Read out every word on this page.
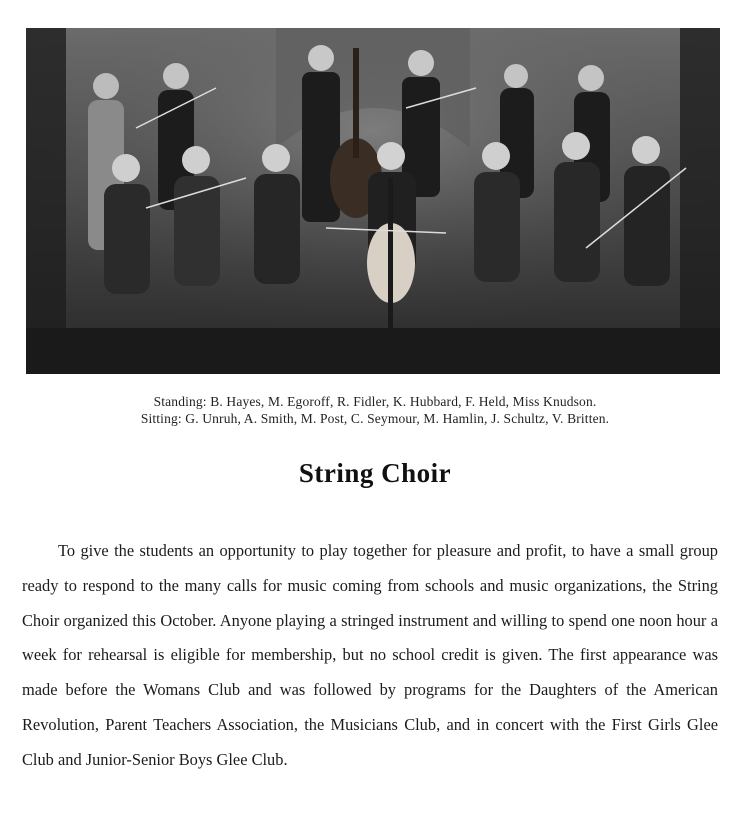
Standing: B. Hayes, M. Egoroff, R. Fidler, K. Hubbard, F. Held, Miss Knudson.
Sitting: G. Unruh, A. Smith, M. Post, C. Seymour, M. Hamlin, J. Schultz, V. Britten.
String Choir

To give the students an opportunity to play together for pleasure and profit, to have a small group ready to respond to the many calls for music coming from schools and music organizations, the String Choir organized this October. Anyone playing a stringed instrument and willing to spend one noon hour a week for rehearsal is eligible for membership, but no school credit is given. The first appearance was made before the Womans Club and was followed by programs for the Daughters of the American Revolution, Parent Teachers Association, the Musicians Club, and in concert with the First Girls Glee Club and Junior-Senior Boys Glee Club.
